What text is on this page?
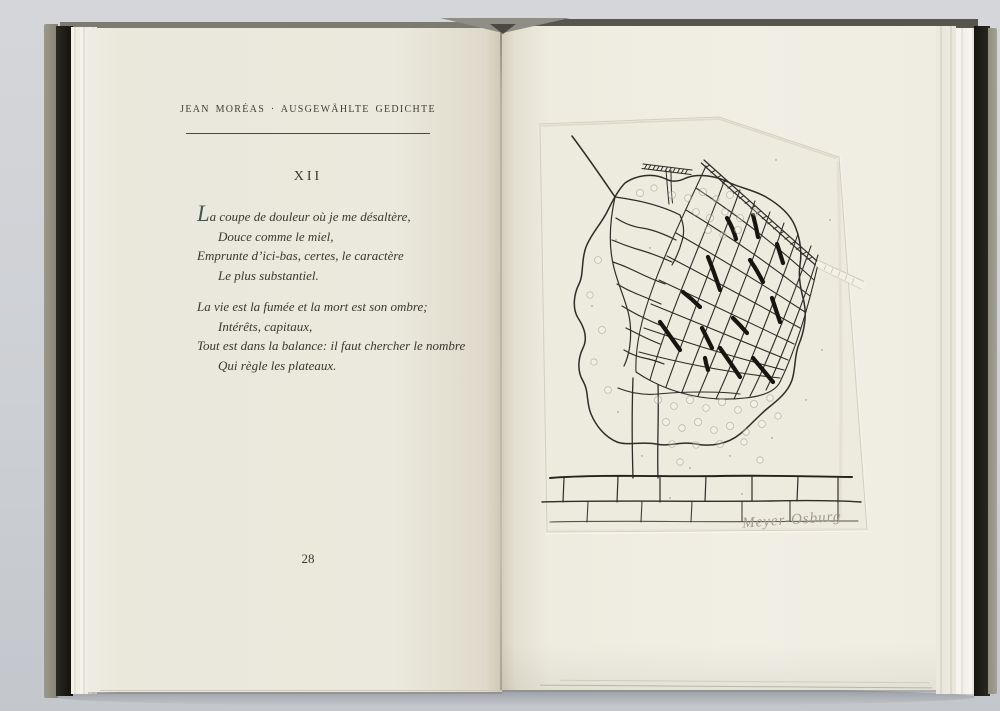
JEAN MORÉAS · AUSGEWÄHLTE GEDICHTE
XII
La coupe de douleur où je me désaltère,
Douce comme le miel,
Emprunte d’ici-bas, certes, le caractère
Le plus substantiel.
La vie est la fumée et la mort est son ombre;
Intérêts, capitaux,
Tout est dans la balance: il faut chercher le nombre
Qui règle les plateaux.
28
Meyer-Osburg
